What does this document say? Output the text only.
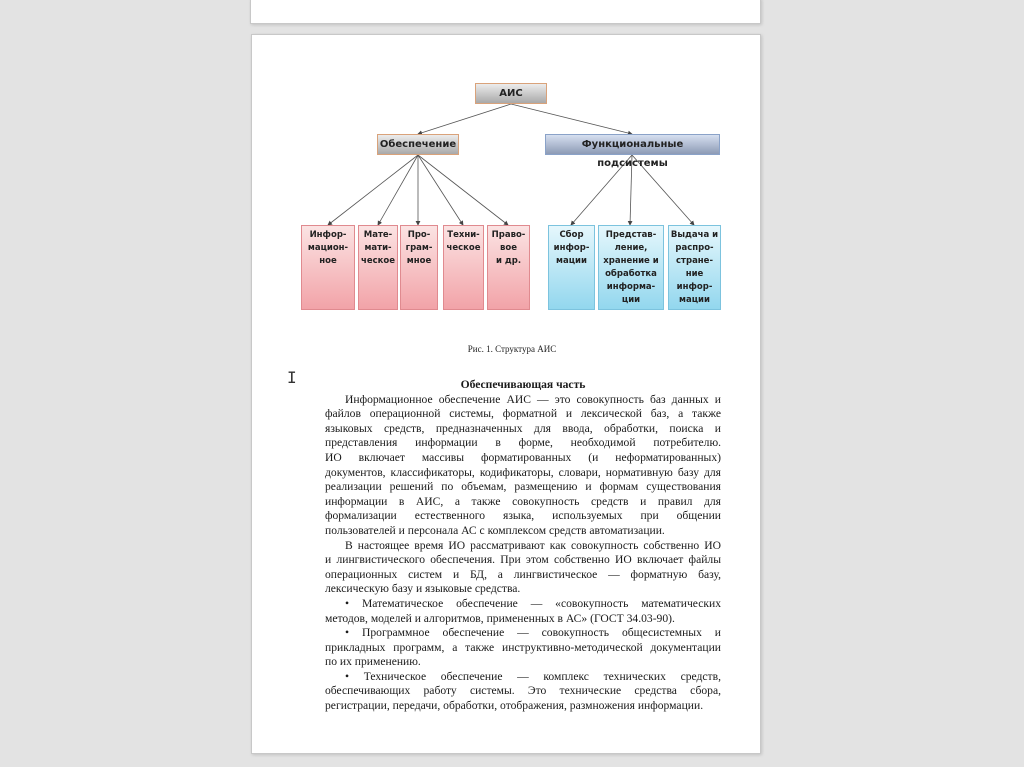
АИС
Обеспечение	Функциональные подсистемы
Инфор-
мацион-
ное
Мате-
мати-
ческое
Про-
грам-
мное
Техни-
ческое
Право-
вое
и др.
Сбор
инфор-
мации
Представ-
ление,
хранение и
обработка
информа-
ции
Выдача и
распро-
стране-
ние
инфор-
мации
Рис. 1. Структура АИС
I	Обеспечивающая часть
Информационное обеспечение АИС — это совокупность баз данных и
файлов операционной системы, форматной и лексической баз, а также
языковых средств, предназначенных для ввода, обработки, поиска и
представления информации в форме, необходимой потребителю.
ИО включает массивы форматированных (и неформатированных)
документов, классификаторы, кодификаторы, словари, нормативную базу для
реализации решений по объемам, размещению и формам существования
информации в АИС, а также совокупность средств и правил для
формализации естественного языка, используемых при общении
пользователей и персонала АС с комплексом средств автоматизации.
В настоящее время ИО рассматривают как совокупность собственно ИО
и лингвистического обеспечения. При этом собственно ИО включает файлы
операционных систем и БД, а лингвистическое — форматную базу,
лексическую базу и языковые средства.
• Математическое обеспечение — «совокупность математических
методов, моделей и алгоритмов, примененных в АС» (ГОСТ 34.03-90).
• Программное обеспечение — совокупность общесистемных и
прикладных программ, а также инструктивно-методической документации
по их применению.
• Техническое обеспечение — комплекс технических средств,
обеспечивающих работу системы. Это технические средства сбора,
регистрации, передачи, обработки, отображения, размножения информации.
